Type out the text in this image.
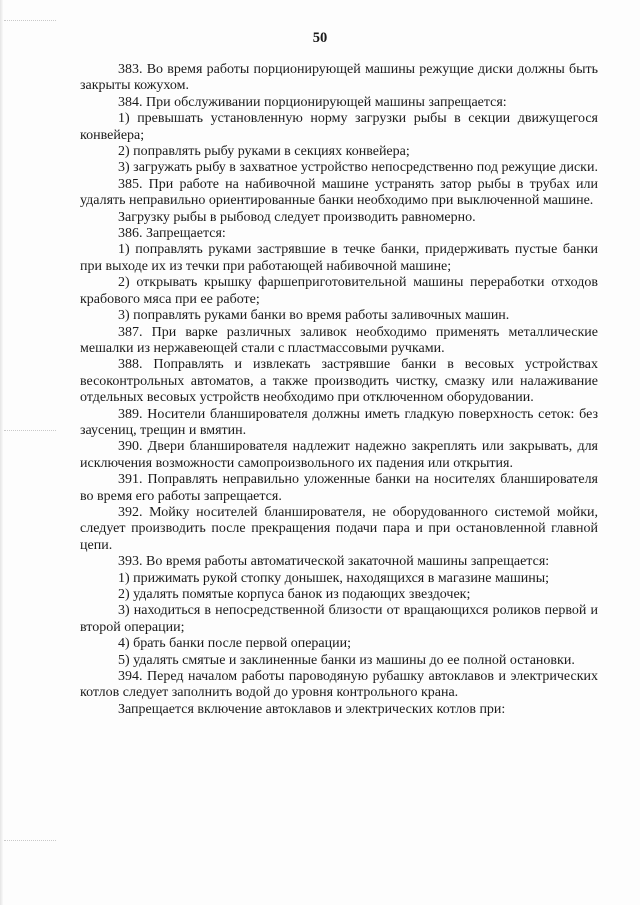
50

383. Во время работы порционирующей машины режущие диски должны быть закрыты кожухом.

384. При обслуживании порционирующей машины запрещается:

1) превышать установленную норму загрузки рыбы в секции движущегося конвейера;

2) поправлять рыбу руками в секциях конвейера;

3) загружать рыбу в захватное устройство непосредственно под режущие диски.

385. При работе на набивочной машине устранять затор рыбы в трубах или удалять неправильно ориентированные банки необходимо при выключенной машине.

Загрузку рыбы в рыбовод следует производить равномерно.

386. Запрещается:

1) поправлять руками застрявшие в течке банки, придерживать пустые банки при выходе их из течки при работающей набивочной машине;

2) открывать крышку фаршеприготовительной машины переработки отходов крабового мяса при ее работе;

3) поправлять руками банки во время работы заливочных машин.

387. При варке различных заливок необходимо применять металлические мешалки из нержавеющей стали с пластмассовыми ручками.

388. Поправлять и извлекать застрявшие банки в весовых устройствах весоконтрольных автоматов, а также производить чистку, смазку или налаживание отдельных весовых устройств необходимо при отключенном оборудовании.

389. Носители бланширователя должны иметь гладкую поверхность сеток: без заусениц, трещин и вмятин.

390. Двери бланширователя надлежит надежно закреплять или закрывать, для исключения возможности самопроизвольного их падения или открытия.

391. Поправлять неправильно уложенные банки на носителях бланширователя во время его работы запрещается.

392. Мойку носителей бланширователя, не оборудованного системой мойки, следует производить после прекращения подачи пара и при остановленной главной цепи.

393. Во время работы автоматической закаточной машины запрещается:

1) прижимать рукой стопку донышек, находящихся в магазине машины;

2) удалять помятые корпуса банок из подающих звездочек;

3) находиться в непосредственной близости от вращающихся роликов первой и второй операции;

4) брать банки после первой операции;

5) удалять смятые и заклиненные банки из машины до ее полной остановки.

394. Перед началом работы пароводяную рубашку автоклавов и электрических котлов следует заполнить водой до уровня контрольного крана.

Запрещается включение автоклавов и электрических котлов при:
